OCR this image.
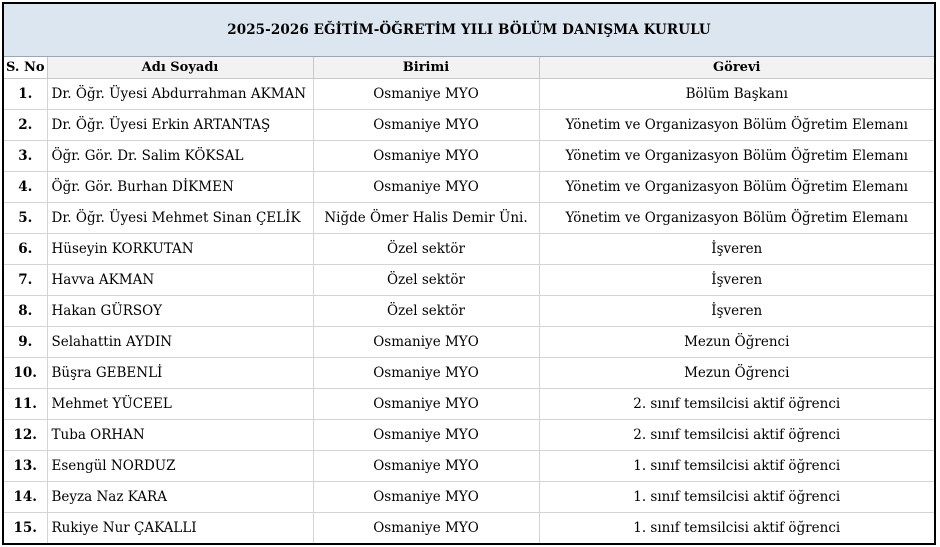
2025-2026 EĞİTİM-ÖĞRETİM YILI BÖLÜM DANIŞMA KURULU
S. No	Adı Soyadı	Birimi	Görevi
1.	Dr. Öğr. Üyesi Abdurrahman AKMAN	Osmaniye MYO	Bölüm Başkanı
2.	Dr. Öğr. Üyesi Erkin ARTANTAŞ	Osmaniye MYO	Yönetim ve Organizasyon Bölüm Öğretim Elemanı
3.	Öğr. Gör. Dr. Salim KÖKSAL	Osmaniye MYO	Yönetim ve Organizasyon Bölüm Öğretim Elemanı
4.	Öğr. Gör. Burhan DİKMEN	Osmaniye MYO	Yönetim ve Organizasyon Bölüm Öğretim Elemanı
5.	Dr. Öğr. Üyesi Mehmet Sinan ÇELİK	Niğde Ömer Halis Demir Üni.	Yönetim ve Organizasyon Bölüm Öğretim Elemanı
6.	Hüseyin KORKUTAN	Özel sektör	İşveren
7.	Havva AKMAN	Özel sektör	İşveren
8.	Hakan GÜRSOY	Özel sektör	İşveren
9.	Selahattin AYDIN	Osmaniye MYO	Mezun Öğrenci
10.	Büşra GEBENLİ	Osmaniye MYO	Mezun Öğrenci
11.	Mehmet YÜCEEL	Osmaniye MYO	2. sınıf temsilcisi aktif öğrenci
12.	Tuba ORHAN	Osmaniye MYO	2. sınıf temsilcisi aktif öğrenci
13.	Esengül NORDUZ	Osmaniye MYO	1. sınıf temsilcisi aktif öğrenci
14.	Beyza Naz KARA	Osmaniye MYO	1. sınıf temsilcisi aktif öğrenci
15.	Rukiye Nur ÇAKALLI	Osmaniye MYO	1. sınıf temsilcisi aktif öğrenci
